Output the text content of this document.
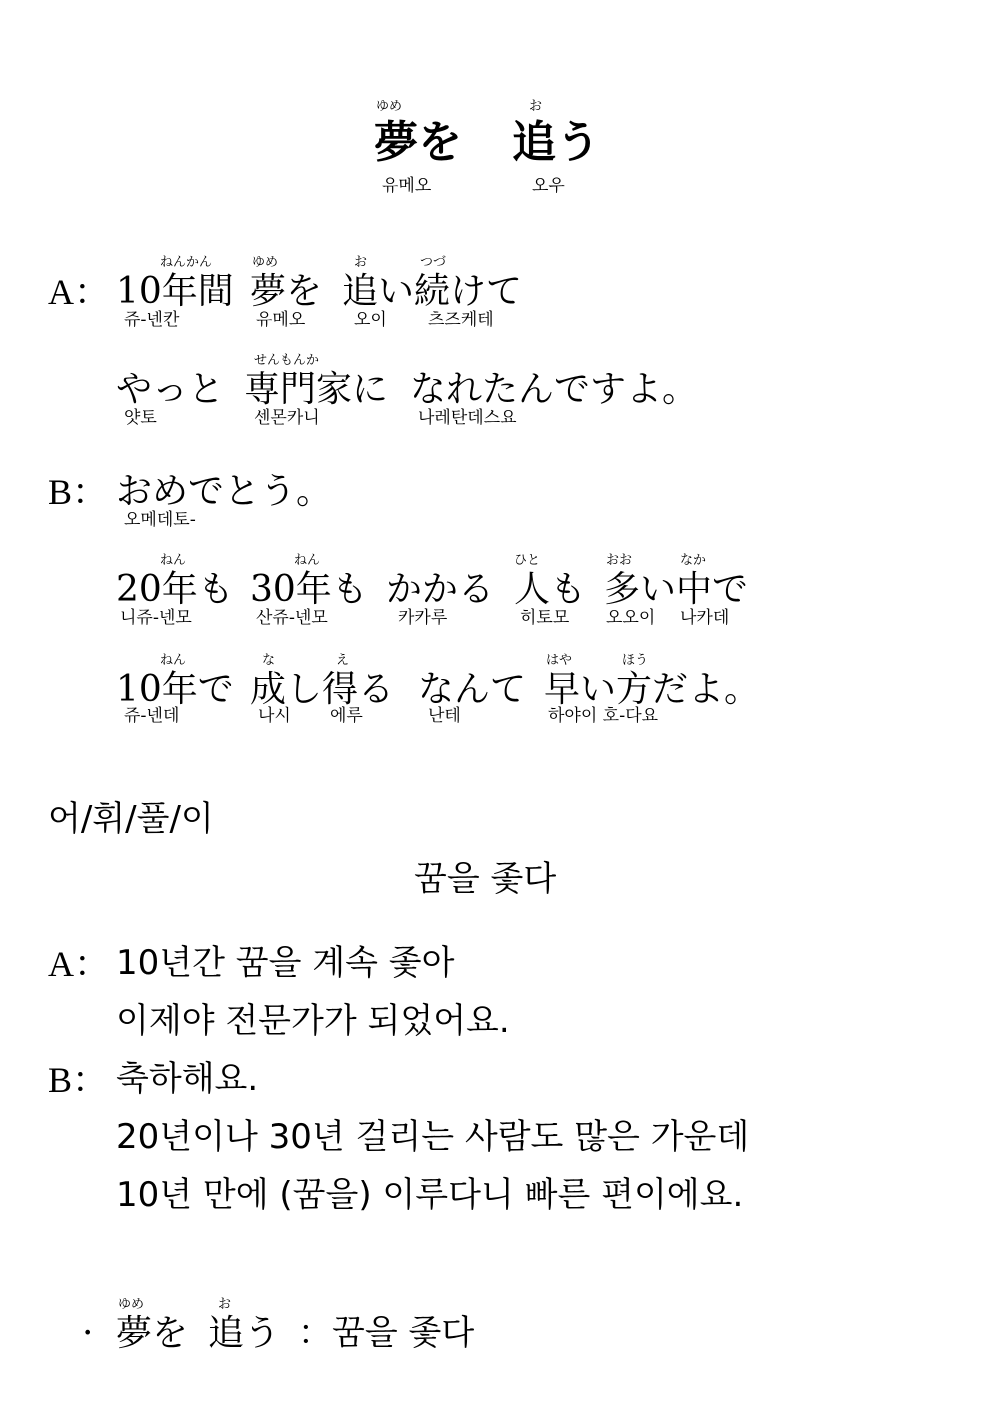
ゆめ	お
夢を 追う
유메오	오우
A：
ねんかん	ゆめ	お	つづ
10年間 夢を 追い続けて
쥬-넨칸	유메오	오이 츠즈케테
せんもんか
やっと 専門家に なれたんですよ。
얏토	센몬카니	나레탄데스요
B： おめでとう。
오메데토-
ねん	ねん	ひと	おお	なか
20年も 30年も かかる 人も 多い中で
니쥬-넨모	산쥬-넨모	카카루	히토모 오오이 나카데
ねん	な	え	はや	ほう
10年で 成し得る なんて 早い方だよ。
쥬-넨데	나시 에루	난테	하야이 호-다요
어/휘/풀/이
꿈을 좇다
A： 10년간 꿈을 계속 좇아
이제야 전문가가 되었어요.
B： 축하해요.
20년이나 30년 걸리는 사람도 많은 가운데
10년 만에 (꿈을) 이루다니 빠른 편이에요.
ゆめ	お
· 夢を 追う ：꿈을 좇다
